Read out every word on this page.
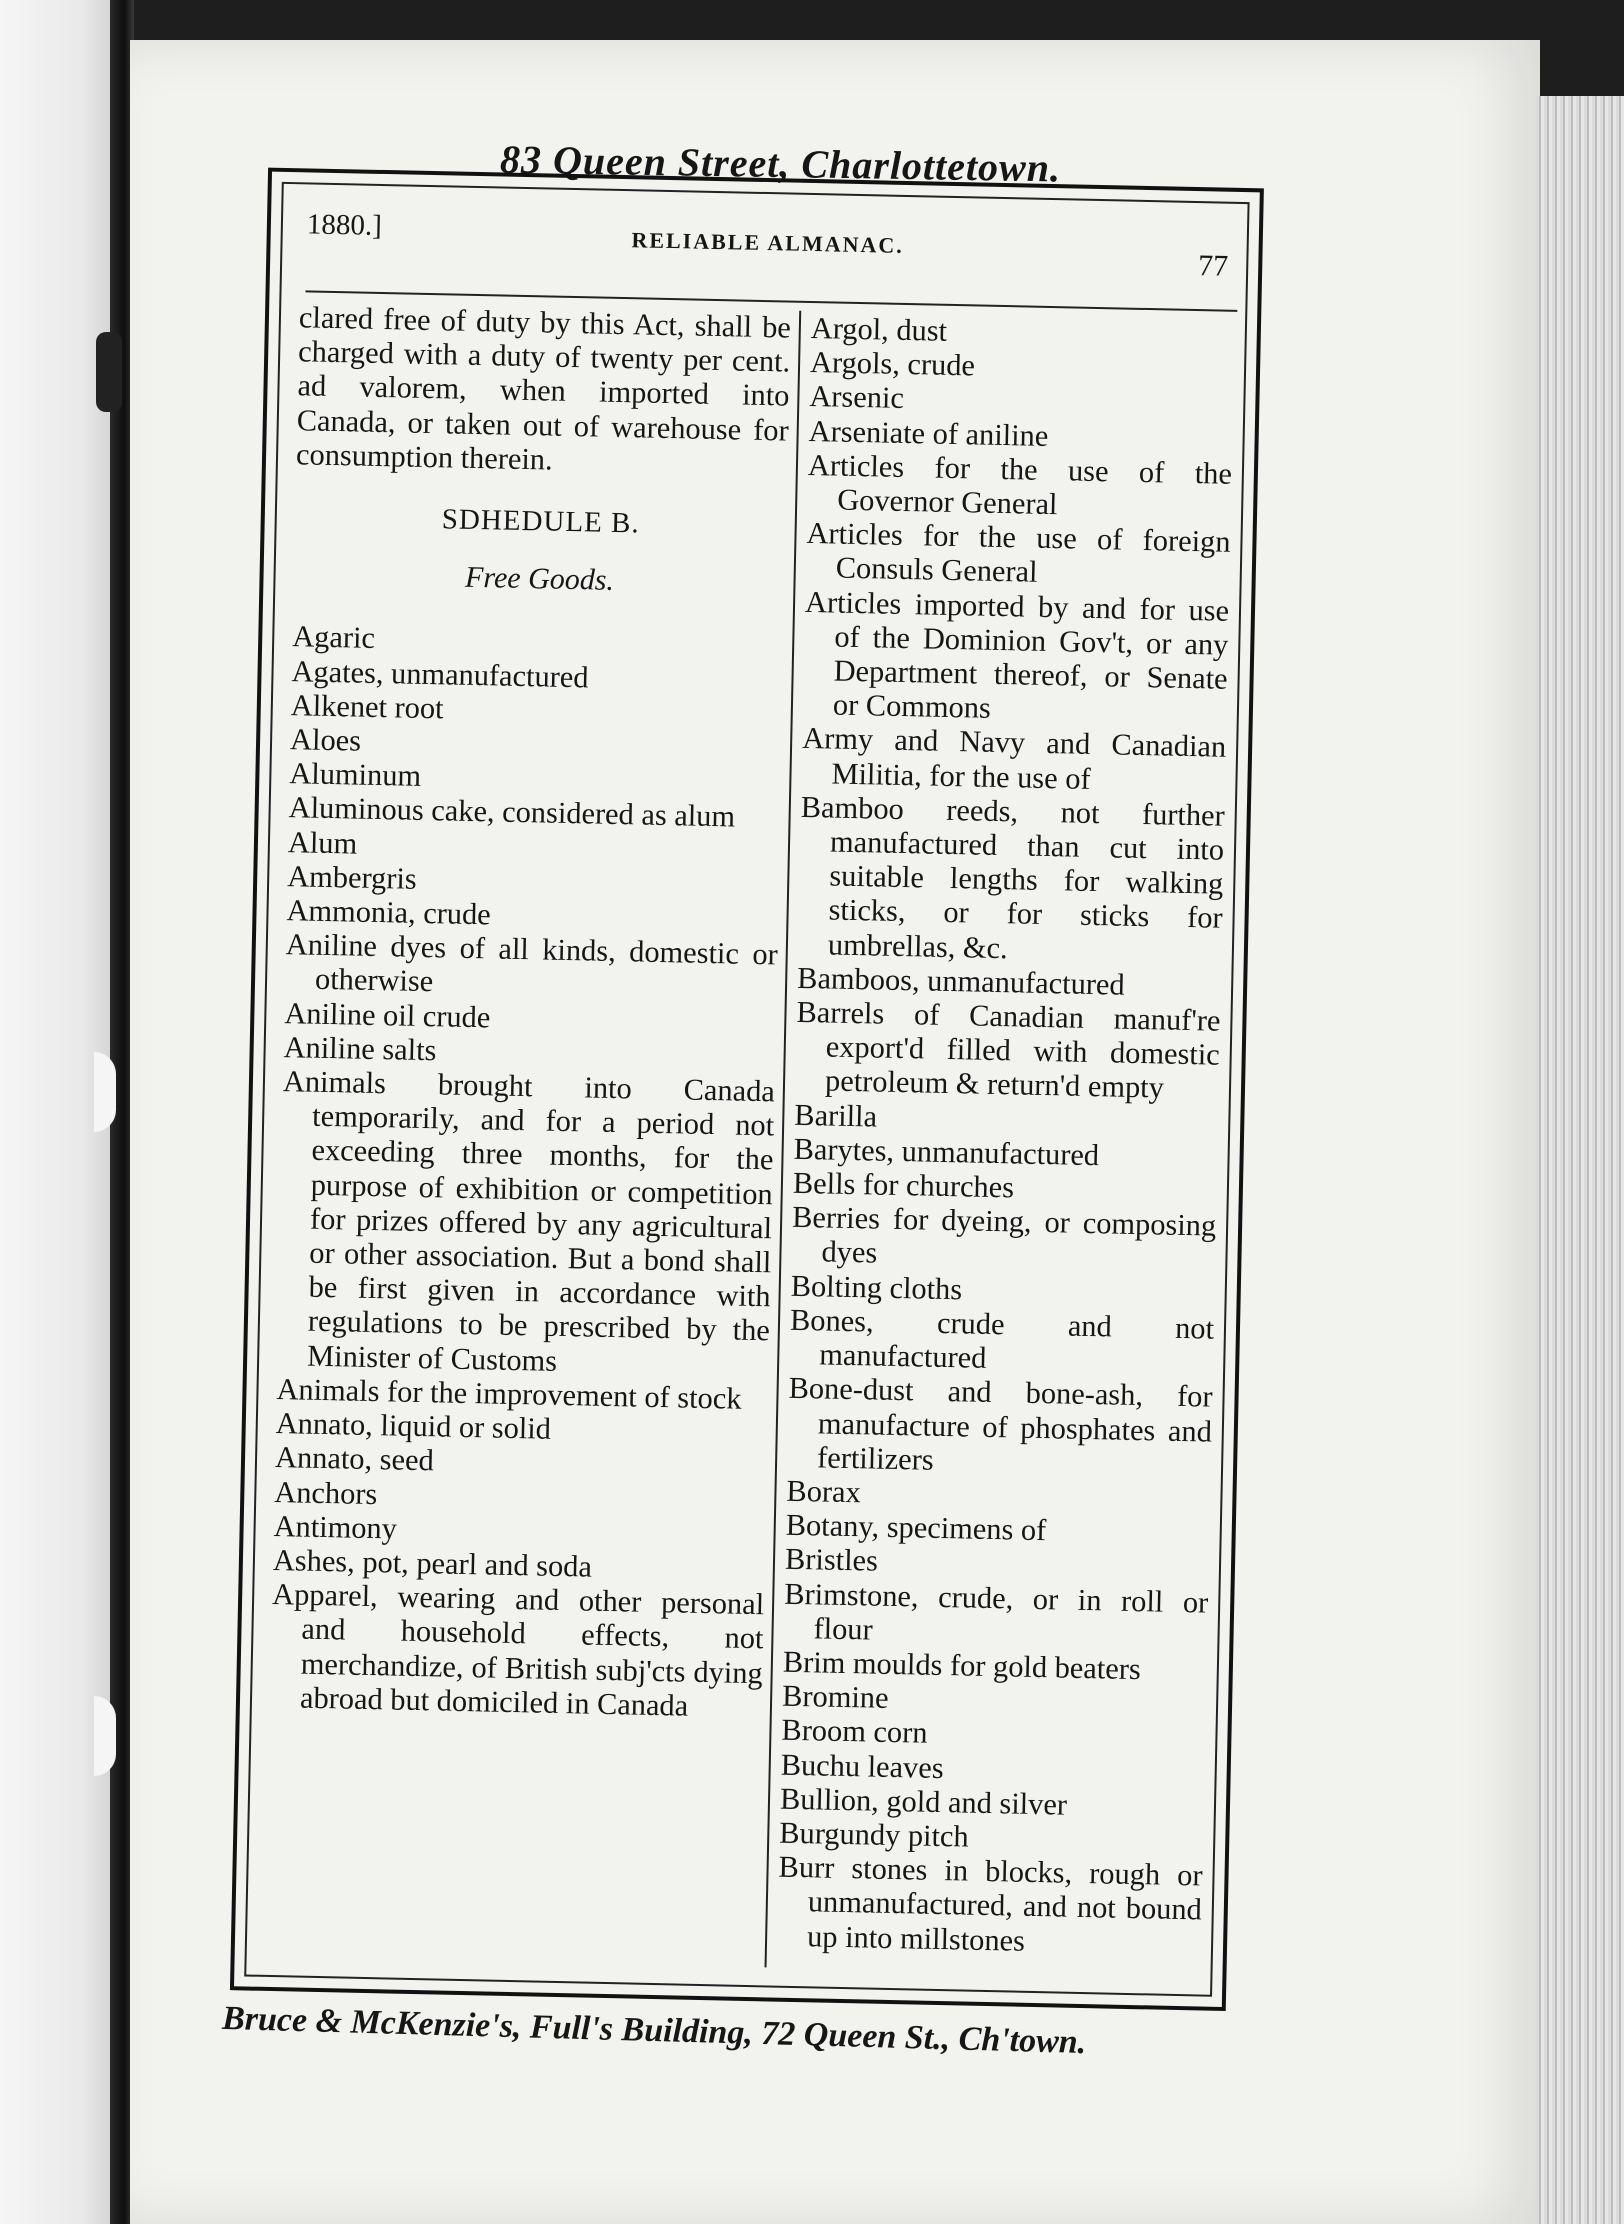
83 Queen Street, Charlottetown.
1880.]
RELIABLE ALMANAC.
77
clared free of duty by this Act, shall be charged with a duty of twenty per cent. ad valorem, when imported into Canada, or taken out of warehouse for consumption therein.
SDHEDULE B.
Free Goods.
Agaric
Agates, unmanufactured
Alkenet root
Aloes
Aluminum
Aluminous cake, considered as alum
Alum
Ambergris
Ammonia, crude
Aniline dyes of all kinds, domestic or otherwise
Aniline oil crude
Aniline salts
Animals brought into Canada temporarily, and for a period not exceeding three months, for the purpose of exhibition or competition for prizes offered by any agricultural or other association. But a bond shall be first given in accordance with regulations to be prescribed by the Minister of Customs
Animals for the improvement of stock
Annato, liquid or solid
Annato, seed
Anchors
Antimony
Ashes, pot, pearl and soda
Apparel, wearing and other personal and household effects, not merchandize, of British subj'cts dying abroad but domiciled in Canada
Argol, dust
Argols, crude
Arsenic
Arseniate of aniline
Articles for the use of the Governor General
Articles for the use of foreign Consuls General
Articles imported by and for use of the Dominion Gov't, or any Department thereof, or Senate or Commons
Army and Navy and Canadian Militia, for the use of
Bamboo reeds, not further manufactured than cut into suitable lengths for walking sticks, or for sticks for umbrellas, &c.
Bamboos, unmanufactured
Barrels of Canadian manuf're export'd filled with domestic petroleum & return'd empty
Barilla
Barytes, unmanufactured
Bells for churches
Berries for dyeing, or composing dyes
Bolting cloths
Bones, crude and not manufactured
Bone-dust and bone-ash, for manufacture of phosphates and fertilizers
Borax
Botany, specimens of
Bristles
Brimstone, crude, or in roll or flour
Brim moulds for gold beaters
Bromine
Broom corn
Buchu leaves
Bullion, gold and silver
Burgundy pitch
Burr stones in blocks, rough or unmanufactured, and not bound up into millstones
Bruce & McKenzie's, Full's Building, 72 Queen St., Ch'town.
